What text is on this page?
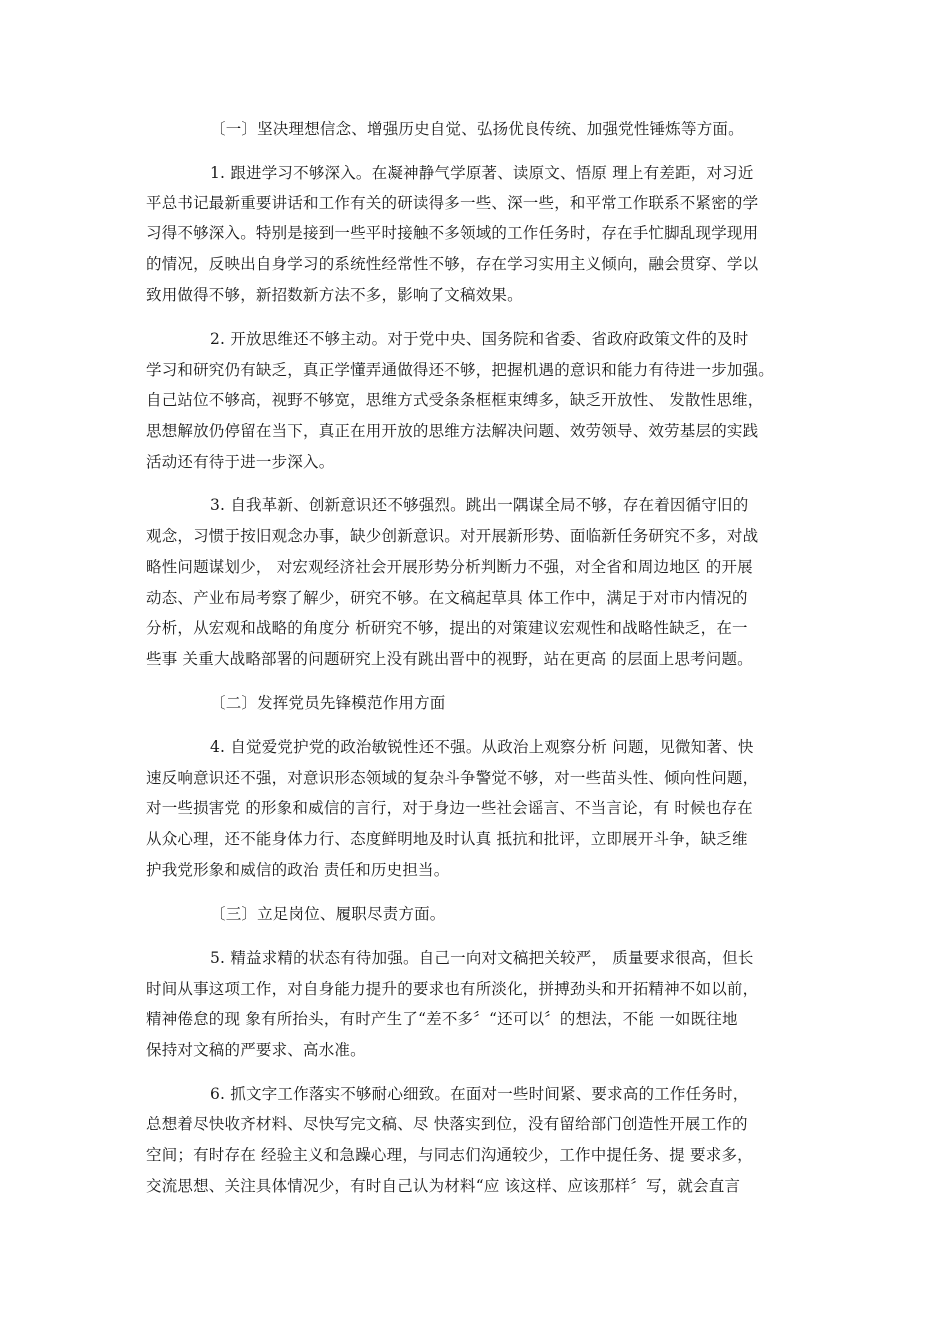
〔一〕坚决理想信念、增强历史自觉、弘扬优良传统、加强党性锤炼等方面。
1. 跟进学习不够深入。在凝神静气学原著、读原文、悟原 理上有差距，对习近
平总书记最新重要讲话和工作有关的研读得多一些、深一些，和平常工作联系不紧密的学
习得不够深入。特别是接到一些平时接触不多领域的工作任务时，存在手忙脚乱现学现用
的情况，反映出自身学习的系统性经常性不够，存在学习实用主义倾向，融会贯穿、学以
致用做得不够，新招数新方法不多，影响了文稿效果。
2. 开放思维还不够主动。对于党中央、国务院和省委、省政府政策文件的及时
学习和研究仍有缺乏，真正学懂弄通做得还不够，把握机遇的意识和能力有待进一步加强。
自己站位不够高，视野不够宽，思维方式受条条框框束缚多，缺乏开放性、 发散性思维，
思想解放仍停留在当下，真正在用开放的思维方法解决问题、效劳领导、效劳基层的实践
活动还有待于进一步深入。
3. 自我革新、创新意识还不够强烈。跳出一隅谋全局不够，存在着因循守旧的
观念，习惯于按旧观念办事，缺少创新意识。对开展新形势、面临新任务研究不多，对战
略性问题谋划少， 对宏观经济社会开展形势分析判断力不强，对全省和周边地区 的开展
动态、产业布局考察了解少，研究不够。在文稿起草具 体工作中，满足于对市内情况的
分析，从宏观和战略的角度分 析研究不够，提出的对策建议宏观性和战略性缺乏，在一
些事 关重大战略部署的问题研究上没有跳出晋中的视野，站在更高 的层面上思考问题。
〔二〕发挥党员先锋模范作用方面
4. 自觉爱党护党的政治敏锐性还不强。从政治上观察分析 问题，见微知著、快
速反响意识还不强，对意识形态领域的复杂斗争警觉不够，对一些苗头性、倾向性问题，
对一些损害党 的形象和威信的言行，对于身边一些社会谣言、不当言论，有 时候也存在
从众心理，还不能身体力行、态度鲜明地及时认真 抵抗和批评，立即展开斗争，缺乏维
护我党形象和威信的政治 责任和历史担当。
〔三〕立足岗位、履职尽责方面。
5. 精益求精的状态有待加强。自己一向对文稿把关较严， 质量要求很高，但长
时间从事这项工作，对自身能力提升的要求也有所淡化，拼搏劲头和开拓精神不如以前，
精神倦怠的现 象有所抬头，有时产生了“差不多〞“还可以〞的想法，不能 一如既往地
保持对文稿的严要求、高水准。
6. 抓文字工作落实不够耐心细致。在面对一些时间紧、要求高的工作任务时，
总想着尽快收齐材料、尽快写完文稿、尽 快落实到位，没有留给部门创造性开展工作的
空间；有时存在 经验主义和急躁心理，与同志们沟通较少，工作中提任务、提 要求多，
交流思想、关注具体情况少，有时自己认为材料“应 该这样、应该那样〞写，就会直言
